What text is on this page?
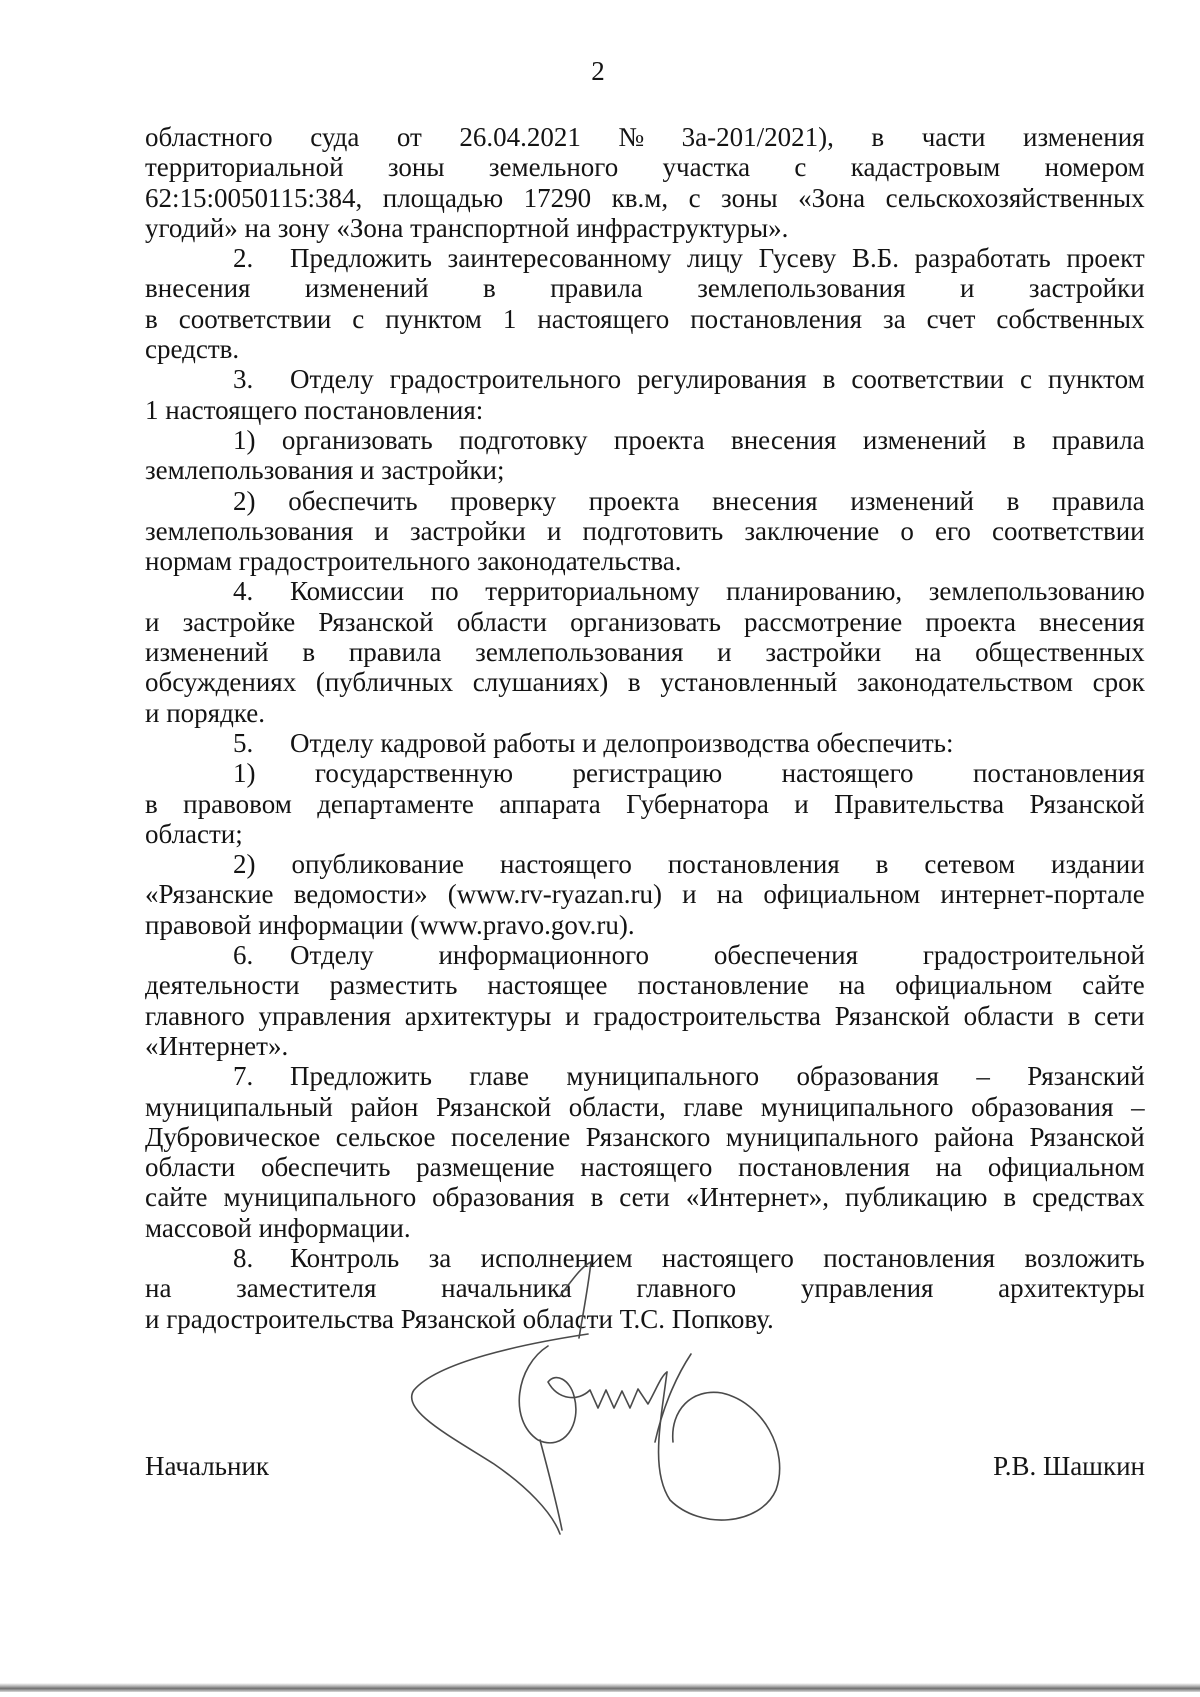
2
областного суда от 26.04.2021 № 3а-201/2021), в части изменения
территориальной зоны земельного участка с кадастровым номером
62:15:0050115:384, площадью 17290 кв.м, с зоны «Зона сельскохозяйственных
угодий» на зону «Зона транспортной инфраструктуры».
2.	Предложить заинтересованному лицу Гусеву В.Б. разработать проект
внесения изменений в правила землепользования и застройки
в соответствии с пунктом 1 настоящего постановления за счет собственных
средств.
3.	Отделу градостроительного регулирования в соответствии с пунктом
1 настоящего постановления:
1) организовать подготовку проекта внесения изменений в правила
землепользования и застройки;
2) обеспечить проверку проекта внесения изменений в правила
землепользования и застройки и подготовить заключение о его соответствии
нормам градостроительного законодательства.
4.	Комиссии по территориальному планированию, землепользованию
и застройке Рязанской области организовать рассмотрение проекта внесения
изменений в правила землепользования и застройки на общественных
обсуждениях (публичных слушаниях) в установленный законодательством срок
и порядке.
5.	Отделу кадровой работы и делопроизводства обеспечить:
1) государственную регистрацию настоящего постановления
в правовом департаменте аппарата Губернатора и Правительства Рязанской
области;
2) опубликование настоящего постановления в сетевом издании
«Рязанские ведомости» (www.rv-ryazan.ru) и на официальном интернет-портале
правовой информации (www.pravo.gov.ru).
6.	Отделу информационного обеспечения градостроительной
деятельности разместить настоящее постановление на официальном сайте
главного управления архитектуры и градостроительства Рязанской области в сети
«Интернет».
7.	Предложить главе муниципального образования – Рязанский
муниципальный район Рязанской области, главе муниципального образования –
Дубровическое сельское поселение Рязанского муниципального района Рязанской
области обеспечить размещение настоящего постановления на официальном
сайте муниципального образования в сети «Интернет», публикацию в средствах
массовой информации.
8.	Контроль за исполнением настоящего постановления возложить
на заместителя начальника главного управления архитектуры
и градостроительства Рязанской области Т.С. Попкову.
Начальник	Р.В. Шашкин
